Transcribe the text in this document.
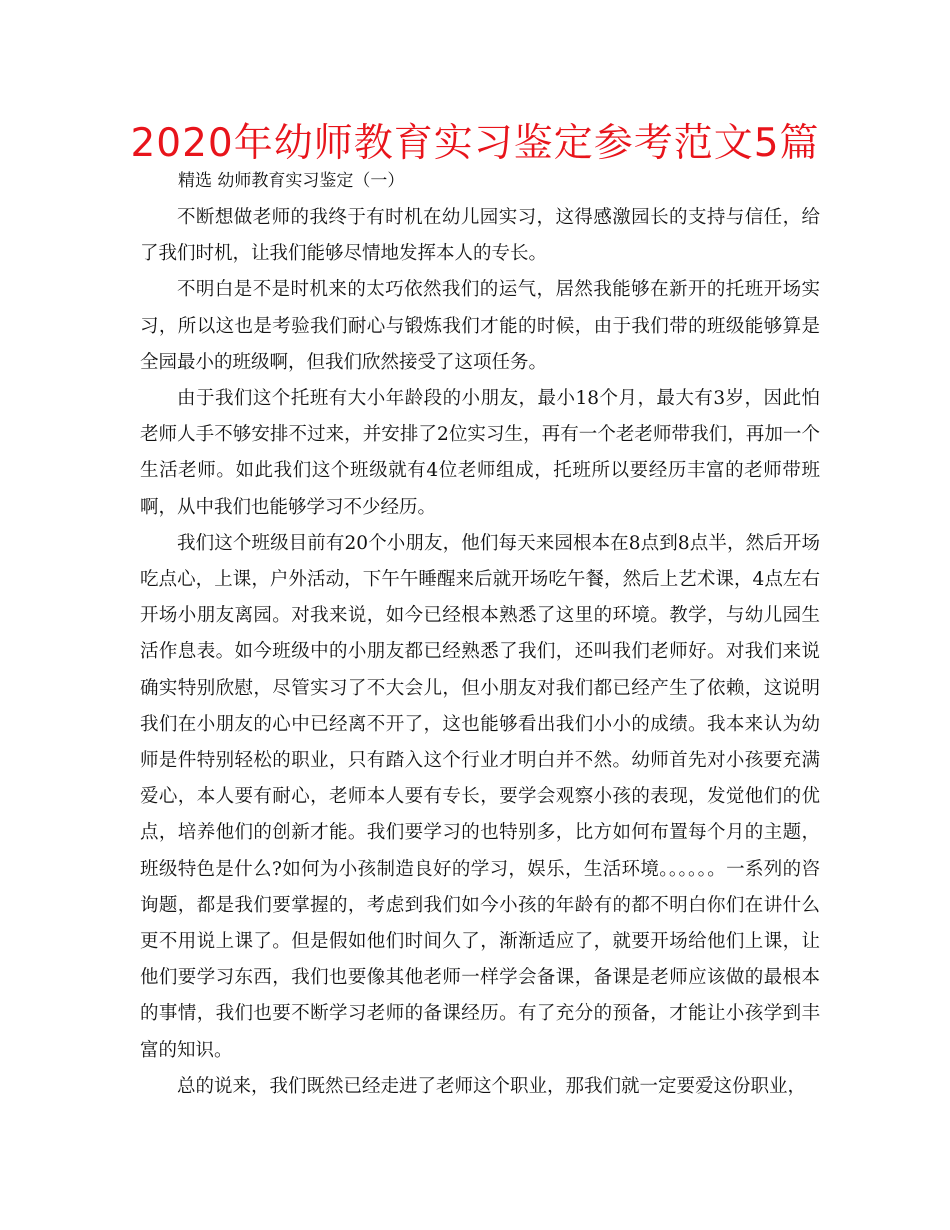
2020年幼师教育实习鉴定参考范文5篇
精选 幼师教育实习鉴定（一）

不断想做老师的我终于有时机在幼儿园实习，这得感激园长的支持与信任，给了我们时机，让我们能够尽情地发挥本人的专长。

不明白是不是时机来的太巧依然我们的运气，居然我能够在新开的托班开场实习，所以这也是考验我们耐心与锻炼我们才能的时候，由于我们带的班级能够算是全园最小的班级啊，但我们欣然接受了这项任务。

由于我们这个托班有大小年龄段的小朋友，最小18个月，最大有3岁，因此怕老师人手不够安排不过来，并安排了2位实习生，再有一个老老师带我们，再加一个生活老师。如此我们这个班级就有4位老师组成，托班所以要经历丰富的老师带班啊，从中我们也能够学习不少经历。

我们这个班级目前有20个小朋友，他们每天来园根本在8点到8点半，然后开场吃点心，上课，户外活动，下午午睡醒来后就开场吃午餐，然后上艺术课，4点左右开场小朋友离园。对我来说，如今已经根本熟悉了这里的环境。教学，与幼儿园生活作息表。如今班级中的小朋友都已经熟悉了我们，还叫我们老师好。对我们来说确实特别欣慰，尽管实习了不大会儿，但小朋友对我们都已经产生了依赖，这说明我们在小朋友的心中已经离不开了，这也能够看出我们小小的成绩。我本来认为幼师是件特别轻松的职业，只有踏入这个行业才明白并不然。幼师首先对小孩要充满爱心，本人要有耐心，老师本人要有专长，要学会观察小孩的表现，发觉他们的优点，培养他们的创新才能。我们要学习的也特别多，比方如何布置每个月的主题，班级特色是什么?如何为小孩制造良好的学习，娱乐，生活环境。。。。。。一系列的咨询题，都是我们要掌握的，考虑到我们如今小孩的年龄有的都不明白你们在讲什么更不用说上课了。但是假如他们时间久了，渐渐适应了，就要开场给他们上课，让他们要学习东西，我们也要像其他老师一样学会备课，备课是老师应该做的最根本的事情，我们也要不断学习老师的备课经历。有了充分的预备，才能让小孩学到丰富的知识。

总的说来，我们既然已经走进了老师这个职业，那我们就一定要爱这份职业，
